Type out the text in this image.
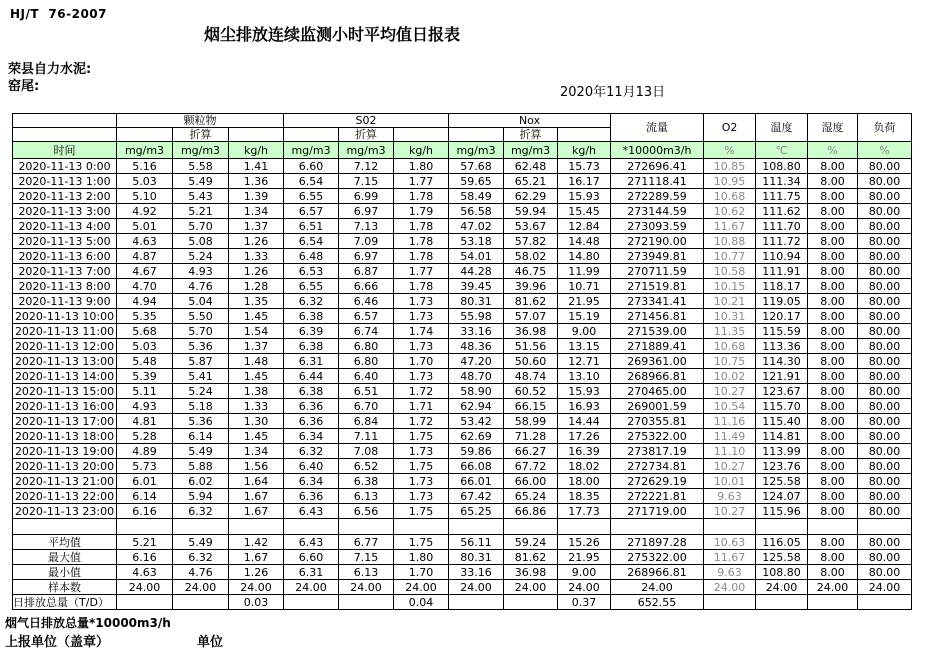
HJ/T  76-2007
烟尘排放连续监测小时平均值日报表
荣县自力水泥:
窑尾:	2020年11月13日
	颗粒物			S02			Nox			流量	O2	温度	湿度	负荷
		折算			折算			折算						
时间	mg/m3	mg/m3	kg/h	mg/m3	mg/m3	kg/h	mg/m3	mg/m3	kg/h	*10000m3/h	%	℃	%	%
2020-11-13 0:00	5.16	5.58	1.41	6.60	7.12	1.80	57.68	62.48	15.73	272696.41	10.85	108.80	8.00	80.00
2020-11-13 1:00	5.03	5.49	1.36	6.54	7.15	1.77	59.65	65.21	16.17	271118.41	10.95	111.34	8.00	80.00
2020-11-13 2:00	5.10	5.43	1.39	6.55	6.99	1.78	58.49	62.29	15.93	272289.59	10.68	111.75	8.00	80.00
2020-11-13 3:00	4.92	5.21	1.34	6.57	6.97	1.79	56.58	59.94	15.45	273144.59	10.62	111.62	8.00	80.00
2020-11-13 4:00	5.01	5.70	1.37	6.51	7.13	1.78	47.02	53.67	12.84	273093.59	11.67	111.70	8.00	80.00
2020-11-13 5:00	4.63	5.08	1.26	6.54	7.09	1.78	53.18	57.82	14.48	272190.00	10.88	111.72	8.00	80.00
2020-11-13 6:00	4.87	5.24	1.33	6.48	6.97	1.78	54.01	58.02	14.80	273949.81	10.77	110.94	8.00	80.00
2020-11-13 7:00	4.67	4.93	1.26	6.53	6.87	1.77	44.28	46.75	11.99	270711.59	10.58	111.91	8.00	80.00
2020-11-13 8:00	4.70	4.76	1.28	6.55	6.66	1.78	39.45	39.96	10.71	271519.81	10.15	118.17	8.00	80.00
2020-11-13 9:00	4.94	5.04	1.35	6.32	6.46	1.73	80.31	81.62	21.95	273341.41	10.21	119.05	8.00	80.00
2020-11-13 10:00	5.35	5.50	1.45	6.38	6.57	1.73	55.98	57.07	15.19	271456.81	10.31	120.17	8.00	80.00
2020-11-13 11:00	5.68	5.70	1.54	6.39	6.74	1.74	33.16	36.98	9.00	271539.00	11.35	115.59	8.00	80.00
2020-11-13 12:00	5.03	5.36	1.37	6.38	6.80	1.73	48.36	51.56	13.15	271889.41	10.68	113.36	8.00	80.00
2020-11-13 13:00	5.48	5.87	1.48	6.31	6.80	1.70	47.20	50.60	12.71	269361.00	10.75	114.30	8.00	80.00
2020-11-13 14:00	5.39	5.41	1.45	6.44	6.40	1.73	48.70	48.74	13.10	268966.81	10.02	121.91	8.00	80.00
2020-11-13 15:00	5.11	5.24	1.38	6.38	6.51	1.72	58.90	60.52	15.93	270465.00	10.27	123.67	8.00	80.00
2020-11-13 16:00	4.93	5.18	1.33	6.36	6.70	1.71	62.94	66.15	16.93	269001.59	10.54	115.70	8.00	80.00
2020-11-13 17:00	4.81	5.36	1.30	6.36	6.84	1.72	53.42	58.99	14.44	270355.81	11.16	115.40	8.00	80.00
2020-11-13 18:00	5.28	6.14	1.45	6.34	7.11	1.75	62.69	71.28	17.26	275322.00	11.49	114.81	8.00	80.00
2020-11-13 19:00	4.89	5.49	1.34	6.32	7.08	1.73	59.86	66.27	16.39	273817.19	11.10	113.99	8.00	80.00
2020-11-13 20:00	5.73	5.88	1.56	6.40	6.52	1.75	66.08	67.72	18.02	272734.81	10.27	123.76	8.00	80.00
2020-11-13 21:00	6.01	6.02	1.64	6.34	6.38	1.73	66.01	66.00	18.00	272629.19	10.01	125.58	8.00	80.00
2020-11-13 22:00	6.14	5.94	1.67	6.36	6.13	1.73	67.42	65.24	18.35	272221.81	9.63	124.07	8.00	80.00
2020-11-13 23:00	6.16	6.32	1.67	6.43	6.56	1.75	65.25	66.86	17.73	271719.00	10.27	115.96	8.00	80.00

平均值	5.21	5.49	1.42	6.43	6.77	1.75	56.11	59.24	15.26	271897.28	10.63	116.05	8.00	80.00
最大值	6.16	6.32	1.67	6.60	7.15	1.80	80.31	81.62	21.95	275322.00	11.67	125.58	8.00	80.00
最小值	4.63	4.76	1.26	6.31	6.13	1.70	33.16	36.98	9.00	268966.81	9.63	108.80	8.00	80.00
样本数	24.00	24.00	24.00	24.00	24.00	24.00	24.00	24.00	24.00	24.00	24.00	24.00	24.00	24.00
日排放总量（T/D）			0.03			0.04			0.37	652.55				
烟气日排放总量*10000m3/h
上报单位（盖章）	单位
